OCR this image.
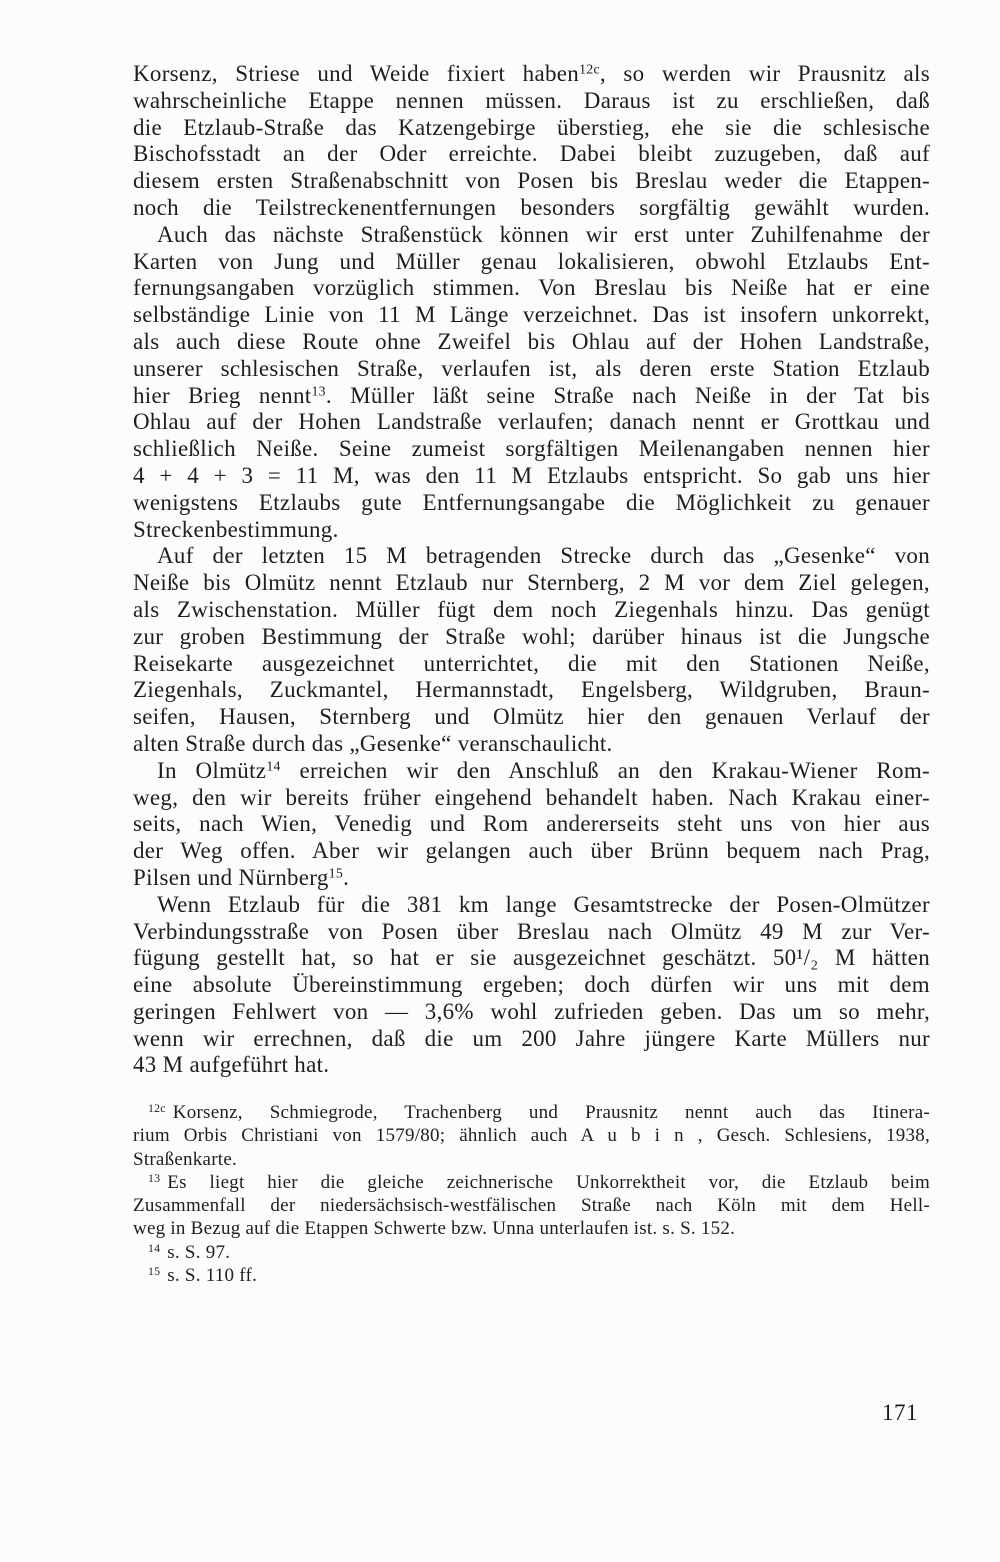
Korsenz, Striese und Weide fixiert haben$^{12c}$, so werden wir Prausnitz als
wahrscheinliche Etappe nennen müssen. Daraus ist zu erschließen, daß
die Etzlaub-Straße das Katzengebirge überstieg, ehe sie die schlesische
Bischofsstadt an der Oder erreichte. Dabei bleibt zuzugeben, daß auf
diesem ersten Straßenabschnitt von Posen bis Breslau weder die Etappen-
noch die Teilstreckenentfernungen besonders sorgfältig gewählt wurden.
Auch das nächste Straßenstück können wir erst unter Zuhilfenahme der
Karten von Jung und Müller genau lokalisieren, obwohl Etzlaubs Ent-
fernungsangaben vorzüglich stimmen. Von Breslau bis Neiße hat er eine
selbständige Linie von 11 M Länge verzeichnet. Das ist insofern unkorrekt,
als auch diese Route ohne Zweifel bis Ohlau auf der Hohen Landstraße,
unserer schlesischen Straße, verlaufen ist, als deren erste Station Etzlaub
hier Brieg nennt$^{13}$. Müller läßt seine Straße nach Neiße in der Tat bis
Ohlau auf der Hohen Landstraße verlaufen; danach nennt er Grottkau und
schließlich Neiße. Seine zumeist sorgfältigen Meilenangaben nennen hier
4 + 4 + 3 = 11 M, was den 11 M Etzlaubs entspricht. So gab uns hier
wenigstens Etzlaubs gute Entfernungsangabe die Möglichkeit zu genauer
Streckenbestimmung.
Auf der letzten 15 M betragenden Strecke durch das „Gesenke“ von
Neiße bis Olmütz nennt Etzlaub nur Sternberg, 2 M vor dem Ziel gelegen,
als Zwischenstation. Müller fügt dem noch Ziegenhals hinzu. Das genügt
zur groben Bestimmung der Straße wohl; darüber hinaus ist die Jungsche
Reisekarte ausgezeichnet unterrichtet, die mit den Stationen Neiße,
Ziegenhals, Zuckmantel, Hermannstadt, Engelsberg, Wildgruben, Braun-
seifen, Hausen, Sternberg und Olmütz hier den genauen Verlauf der
alten Straße durch das „Gesenke“ veranschaulicht.
In Olmütz$^{14}$ erreichen wir den Anschluß an den Krakau-Wiener Rom-
weg, den wir bereits früher eingehend behandelt haben. Nach Krakau einer-
seits, nach Wien, Venedig und Rom andererseits steht uns von hier aus
der Weg offen. Aber wir gelangen auch über Brünn bequem nach Prag,
Pilsen und Nürnberg$^{15}$.
Wenn Etzlaub für die 381 km lange Gesamtstrecke der Posen-Olmützer
Verbindungsstraße von Posen über Breslau nach Olmütz 49 M zur Ver-
fügung gestellt hat, so hat er sie ausgezeichnet geschätzt. 50¹/₂ M hätten
eine absolute Übereinstimmung ergeben; doch dürfen wir uns mit dem
geringen Fehlwert von — 3,6% wohl zufrieden geben. Das um so mehr,
wenn wir errechnen, daß die um 200 Jahre jüngere Karte Müllers nur
43 M aufgeführt hat.
$^{12c}$ Korsenz, Schmiegrode, Trachenberg und Prausnitz nennt auch das Itinera-
rium Orbis Christiani von 1579/80; ähnlich auch A u b i n , Gesch. Schlesiens, 1938,
Straßenkarte.
$^{13}$ Es liegt hier die gleiche zeichnerische Unkorrektheit vor, die Etzlaub beim
Zusammenfall der niedersächsisch-westfälischen Straße nach Köln mit dem Hell-
weg in Bezug auf die Etappen Schwerte bzw. Unna unterlaufen ist. s. S. 152.
$^{14}$ s. S. 97.
$^{15}$ s. S. 110 ff.
171
